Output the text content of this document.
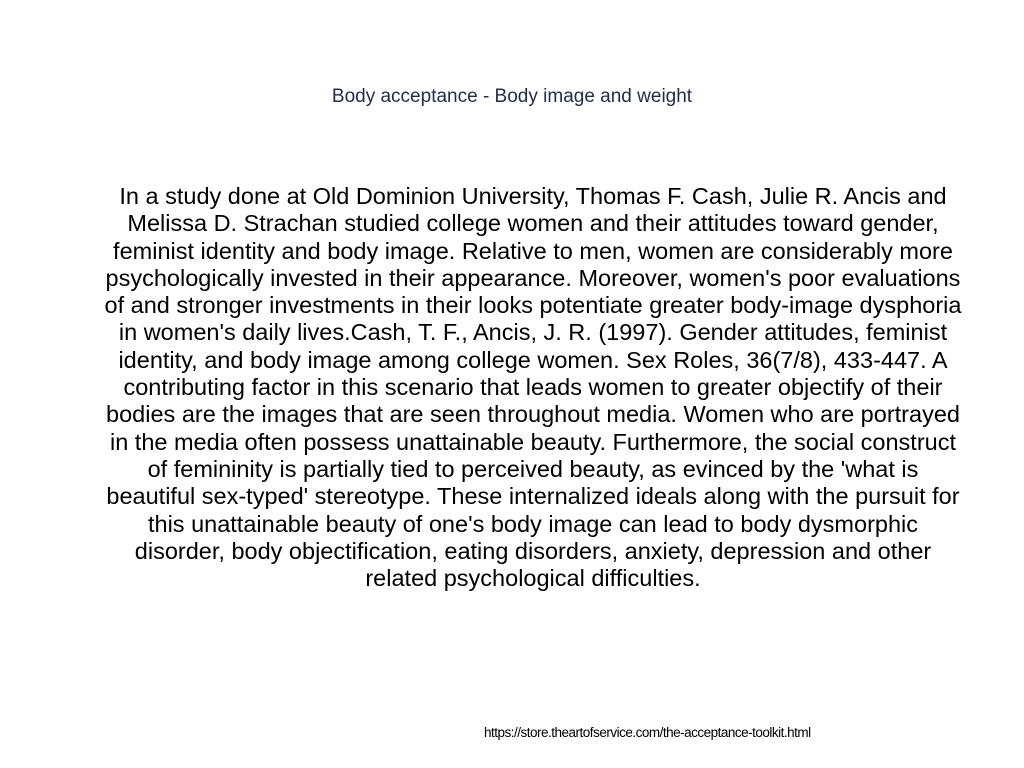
Body acceptance - Body image and weight

In a study done at Old Dominion University, Thomas F. Cash, Julie R. Ancis and Melissa D. Strachan studied college women and their attitudes toward gender, feminist identity and body image. Relative to men, women are considerably more psychologically invested in their appearance. Moreover, women's poor evaluations of and stronger investments in their looks potentiate greater body-image dysphoria in women's daily lives.Cash, T. F., Ancis, J. R. (1997). Gender attitudes, feminist identity, and body image among college women. Sex Roles, 36(7/8), 433-447. A contributing factor in this scenario that leads women to greater objectify of their bodies are the images that are seen throughout media. Women who are portrayed in the media often possess unattainable beauty. Furthermore, the social construct of femininity is partially tied to perceived beauty, as evinced by the 'what is beautiful sex-typed' stereotype. These internalized ideals along with the pursuit for this unattainable beauty of one's body image can lead to body dysmorphic disorder, body objectification, eating disorders, anxiety, depression and other related psychological difficulties.

https://store.theartofservice.com/the-acceptance-toolkit.html
